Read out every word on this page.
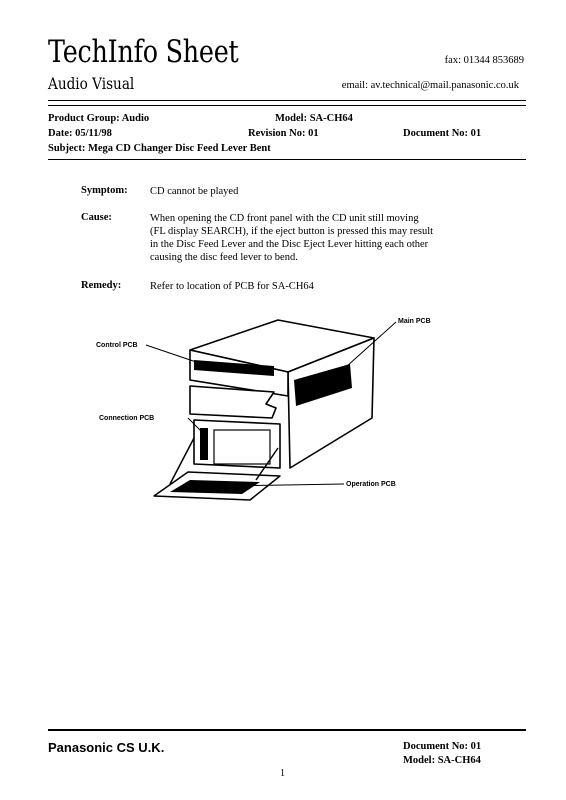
TechInfo Sheet
Audio Visual
fax: 01344 853689
email: av.technical@mail.panasonic.co.uk
Product Group: Audio	Model: SA-CH64
Date: 05/11/98	Revision No: 01	Document No: 01
Subject: Mega CD Changer Disc Feed Lever Bent
Symptom: CD cannot be played
Cause:	When opening the CD front panel with the CD unit still moving
(FL display SEARCH), if the eject button is pressed this may result
in the Disc Feed Lever and the Disc Eject Lever hitting each other
causing the disc feed lever to bend.
Remedy:	Refer to location of PCB for SA-CH64
Main PCB
Control PCB
Connection PCB
Operation PCB
Panasonic CS U.K.	Document No: 01
Model: SA-CH64
1
